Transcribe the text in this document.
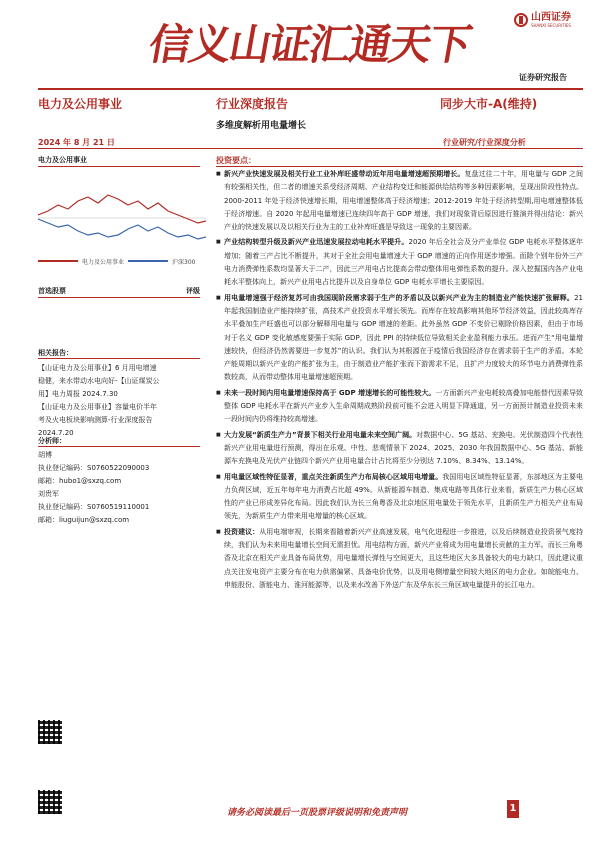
信义山证汇通天下
山西证券
SHANXI SECURITIES
证券研究报告
电力及公用事业	行业深度报告
多维度解析用电量增长
同步大市-A(维持)
2024 年 8 月 21 日	行业研究/行业深度分析
电力及公用事业
电力及公用事业	沪深300
首选股票	评级
相关报告：
【山证电力及公用事业】6 月用电增速
稳健，来水带动水电向好-【山证煤炭公
用】电力周报 2024.7.30
【山证电力及公用事业】容量电价半年
考及火电板块影响测算-行业深度报告
2024.7.20
分析师：
胡博
执业登记编码：S0760522090003
邮箱：hubo1@sxzq.com
刘贵军
执业登记编码：S0760519110001
邮箱：liuguijun@sxzq.com
投资要点：
■ 新兴产业快速发展及相关行业工业补库旺盛带动近年用电量增速超预期增长。复盘过往二十年，用电量与 GDP 之间有较强相关性，但二者的增速关系受经济周期、产业结构变迁和能源供给结构等多种因素影响，呈现出阶段性特点。2000-2011 年处于经济快速增长期，用电增速整体高于经济增速；2012-2019 年处于经济转型期,用电增速整体低于经济增速。自 2020 年起用电量增速已连续四年高于 GDP 增速，我们对现象背后原因进行推演并得出结论：新兴产业的快速发展以及以相关行业为主的工业补库旺盛是导致这一现象的主要因素。
■ 产业结构转型升级及新兴产业迅速发展拉动电耗水平提升。2020 年后全社会及分产业单位 GDP 电耗水平整体逐年增加；随着三产占比不断提升，其对于全社会用电量增速大于 GDP 增速的正向作用逐步增强。而除个别年份外三产电力消费弹性系数均显著大于二产，因此三产用电占比提高会带动整体用电弹性系数的提升。深入挖掘国内各产业电耗水平整体向上，新兴产业用电占比提升以及自身单位 GDP 电耗水平增长主要原因。
■ 用电量增速强于经济复苏可由我国现阶段需求弱于生产的矛盾以及以新兴产业为主的制造业产能快速扩张解释。21 年起我国制造业产能持续扩张，高技术产业投资水平增长领先。而库存在较高影响其他环节经济效益，因此较高库存水平叠加生产旺盛也可以部分解释用电量与 GDP 增速的差距。此外虽然 GDP 不变价已剔除价格因素，但由于市场对于名义 GDP 变化敏感度要强于实际 GDP，因此 PPI 的持续低位导致相关企业盈利能力承压。进而产生“用电量增速较快，但经济仍然需要进一步复苏”的认识。我们认为其根源在于疫情后我国经济存在需求弱于生产的矛盾。本轮产能周期以新兴产业的产能扩张为主，由于制造业产能扩张而下游需求不足，且扩产力度较大的环节电力消费弹性系数较高，从而带动整体用电量增速超预期。
■ 未来一段时间内用电量增速保持高于 GDP 增速增长的可能性较大。一方面新兴产业电耗较高叠加电能替代因素导致整体 GDP 电耗水平在新兴产业步入生命周期成熟阶段前可能不会进入明显下降通道，另一方面预计制造业投资未来一段时间内仍将维持较高增速。
■ 大力发展“新质生产力”背景下相关行业用电量未来空间广阔。对数据中心、5G 基站、充换电、光伏制造四个代表性新兴产业用电量进行预测，得出在乐观、中性、悲观情景下 2024、2025、2030 年我国数据中心、5G 基站、新能源车充换电及光伏产业链四个新兴产业用电量合计占比将至少分别达 7.10%、8.34%、13.14%。
■ 用电量区域性特征显著，重点关注新质生产力布局核心区域用电增量。我国用电区域性特征显著，东部地区为主要电力负荷区域，近五年每年电力消费占比超 49%。从新能源车制造、集成电路等具体行业来看，新质生产力核心区域性的产业已形成差异化布局。因此我们认为长三角粤香及北京地区用电量处于领先水平，且新质生产力相关产业布局领先，为新质生产力带来用电增量的核心区域。
■ 投资建议：从用电端审视，长期来看随着新兴产业高速发展，电气化进程进一步推进，以及后续制造业投资景气度持续，我们认为未来用电量增长空间无需担忧。用电结构方面，新兴产业将成为用电量增长贡献的主力军。而长三角粤香及北京在相关产业具备布局优势，用电量增长弹性与空间更大，且这些地区大多具备较大的电力缺口，因此建议重点关注发电资产主要分布在电力供需偏紧、具备电价优势，以及用电侧增量空间较大地区的电力企业。如皖能电力、申能股份、浙能电力、淮河能源等，以及来水改善下外送广东及华东长三角区域电量提升的长江电力。
请务必阅读最后一页股票评级说明和免责声明	1
